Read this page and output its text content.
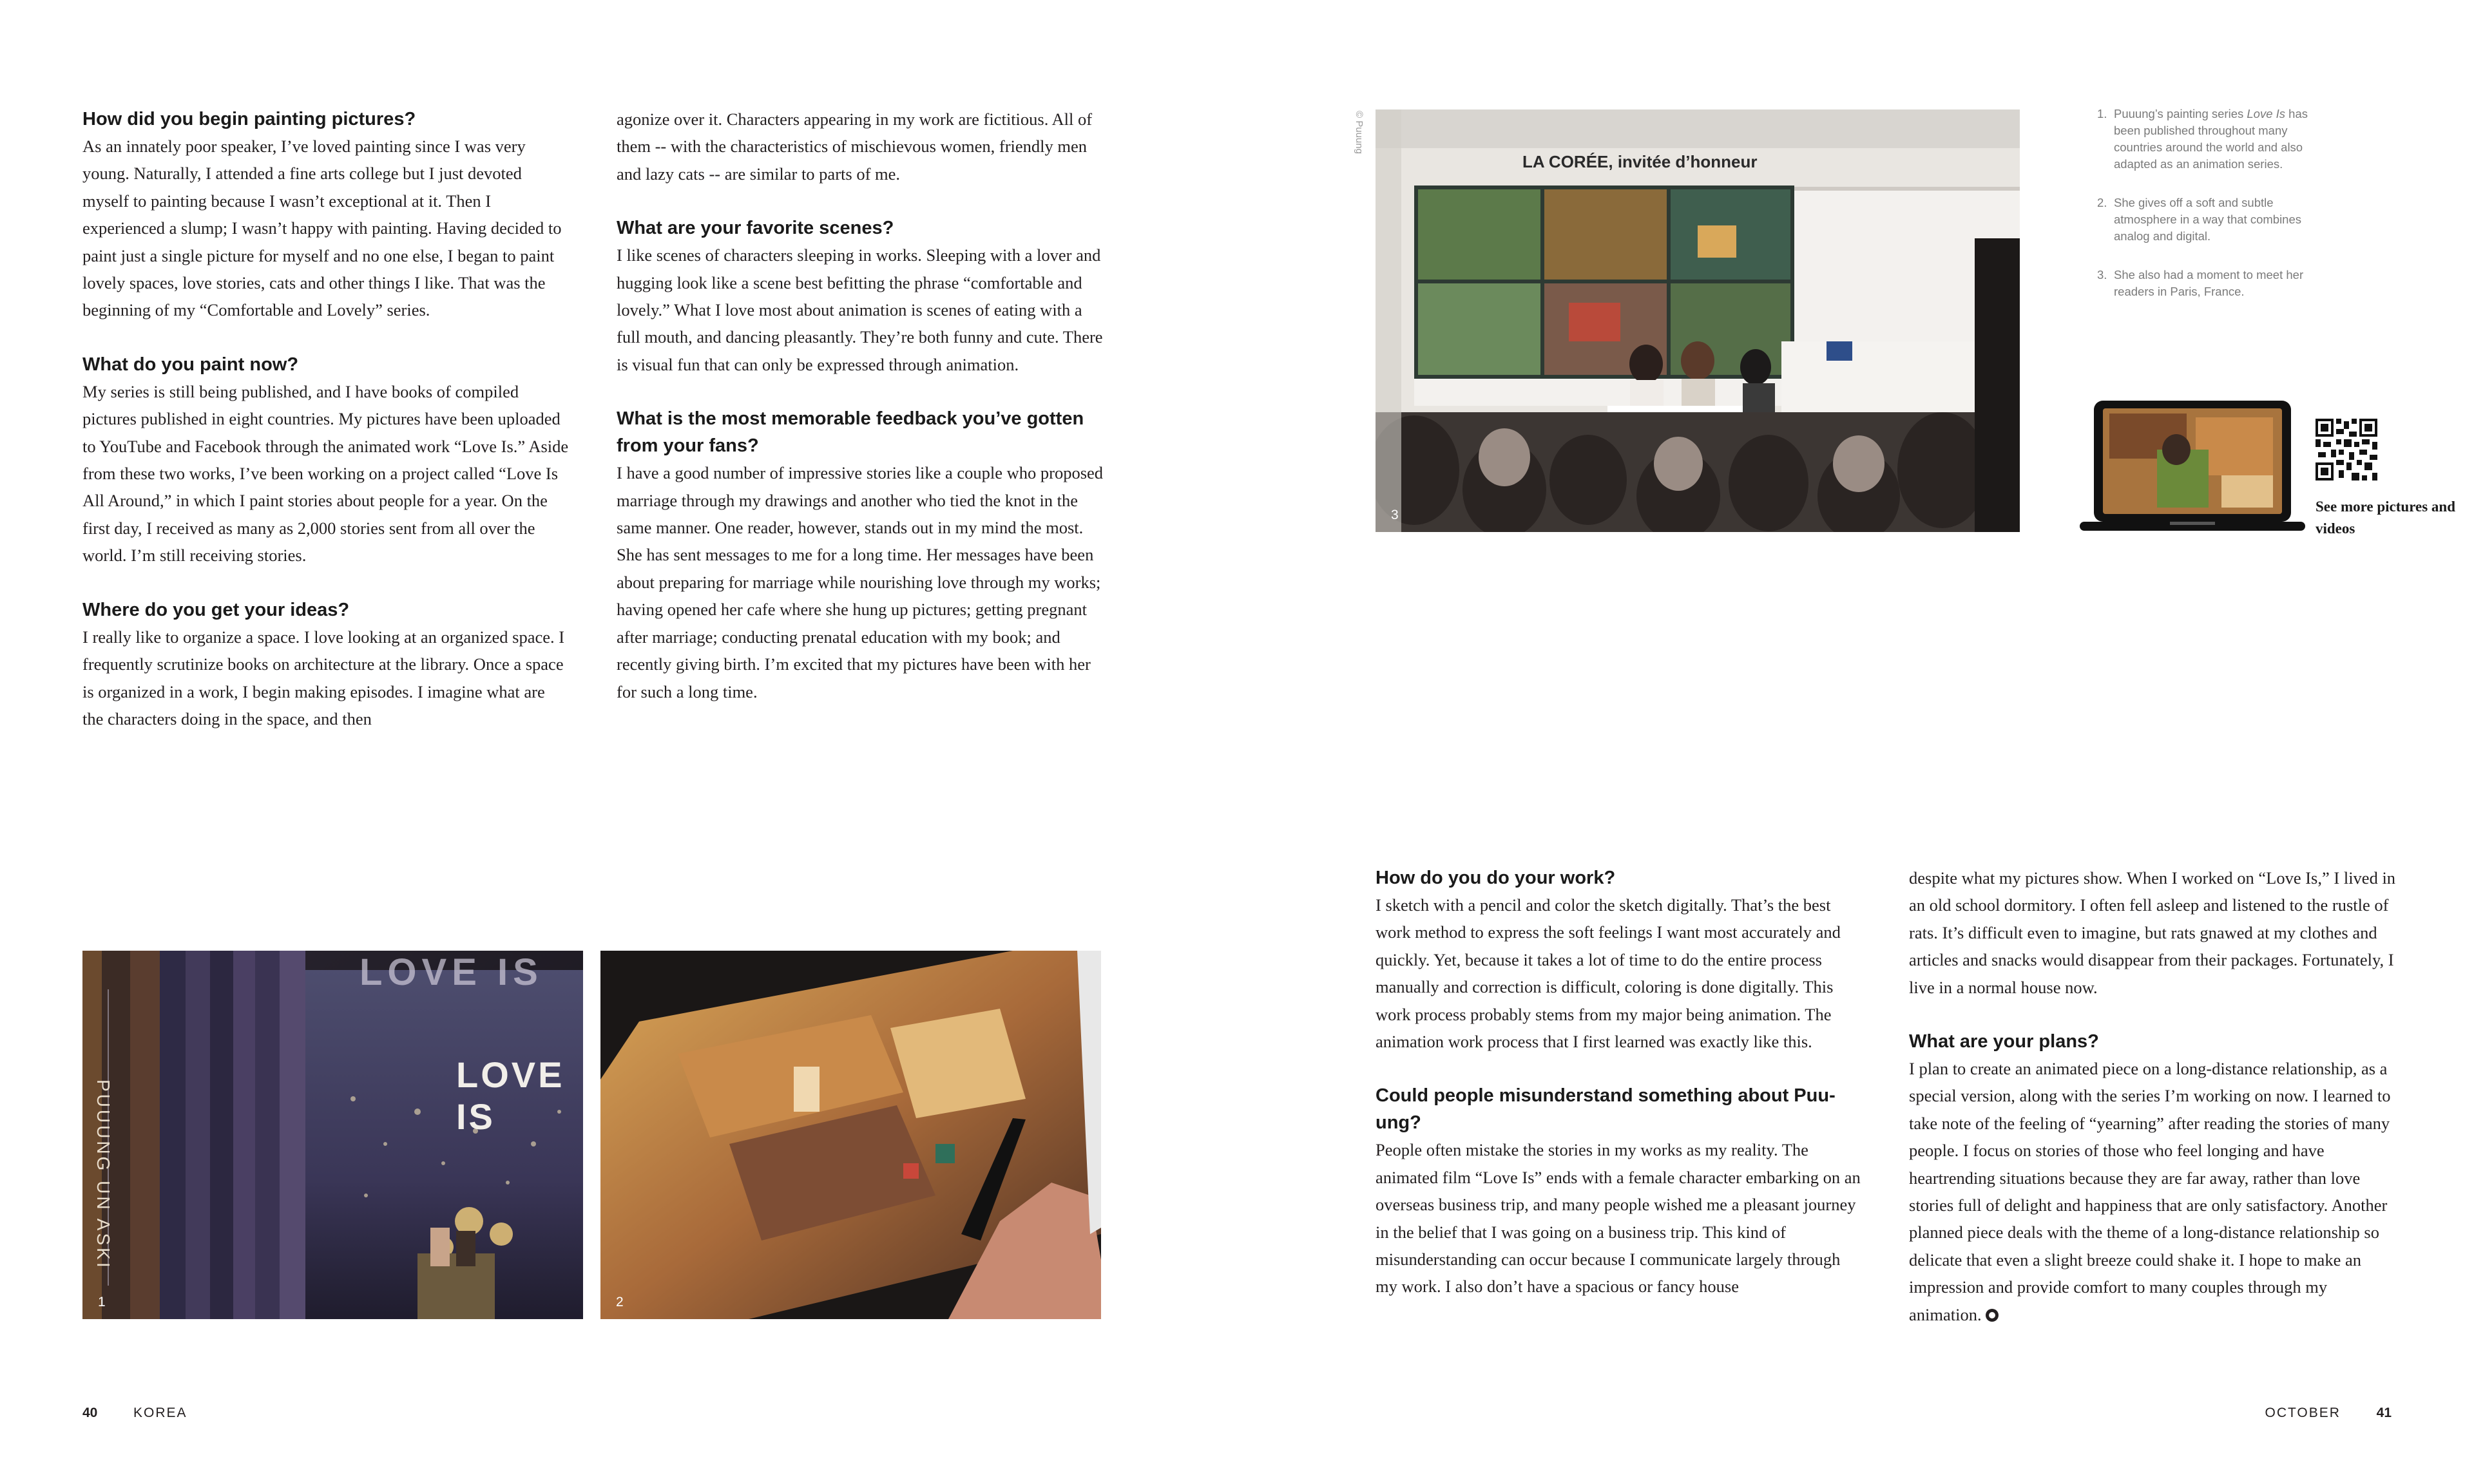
How did you begin painting pictures?

As an innately poor speaker, I’ve loved painting since I was very young. Naturally, I attended a fine arts college but I just devoted myself to painting because I wasn’t exceptional at it. Then I experienced a slump; I wasn’t happy with painting. Having decided to paint just a single picture for myself and no one else, I began to paint lovely spaces, love stories, cats and other things I like. That was the beginning of my “Comfortable and Lovely” series.

What do you paint now?

My series is still being published, and I have books of compiled pictures published in eight countries. My pictures have been uploaded to YouTube and Facebook through the animated work “Love Is.” Aside from these two works, I’ve been working on a project called “Love Is All Around,” in which I paint stories about people for a year. On the first day, I received as many as 2,000 stories sent from all over the world. I’m still receiving stories.

Where do you get your ideas?

I really like to organize a space. I love looking at an organized space. I frequently scrutinize books on architecture at the library. Once a space is organized in a work, I begin making episodes. I imagine what are the characters doing in the space, and then

agonize over it. Characters appearing in my work are fictitious. All of them -- with the characteristics of mischievous women, friendly men and lazy cats -- are similar to parts of me.

What are your favorite scenes?

I like scenes of characters sleeping in works. Sleeping with a lover and hugging look like a scene best befitting the phrase “comfortable and lovely.” What I love most about animation is scenes of eating with a full mouth, and dancing pleasantly. They’re both funny and cute. There is visual fun that can only be expressed through animation.

What is the most memorable feedback you’ve gotten from your fans?

I have a good number of impressive stories like a couple who proposed marriage through my drawings and another who tied the knot in the same manner. One reader, however, stands out in my mind the most. She has sent messages to me for a long time. Her messages have been about preparing for marriage while nourishing love through my works; having opened her cafe where she hung up pictures; getting pregnant after marriage; conducting prenatal education with my book; and recently giving birth. I’m excited that my pictures have been with her for such a long time.

LOVE IS
LOVE IS
PUUUNG UN ASKI
1	2
© Puuung
LA CORÉE, invitée d’honneur
3
1. Puuung’s painting series Love Is has been published throughout many countries around the world and also adapted as an animation series.
2. She gives off a soft and subtle atmosphere in a way that combines analog and digital.
3. She also had a moment to meet her readers in Paris, France.
See more pictures and videos
How do you do your work?

I sketch with a pencil and color the sketch digitally. That’s the best work method to express the soft feelings I want most accurately and quickly. Yet, because it takes a lot of time to do the entire process manually and correction is difficult, coloring is done digitally. This work process probably stems from my major being animation. The animation work process that I first learned was exactly like this.

Could people misunderstand something about Puuung?

People often mistake the stories in my works as my reality. The animated film “Love Is” ends with a female character embarking on an overseas business trip, and many people wished me a pleasant journey in the belief that I was going on a business trip. This kind of misunderstanding can occur because I communicate largely through my work. I also don’t have a spacious or fancy house

despite what my pictures show. When I worked on “Love Is,” I lived in an old school dormitory. I often fell asleep and listened to the rustle of rats. It’s difficult even to imagine, but rats gnawed at my clothes and articles and snacks would disappear from their packages. Fortunately, I live in a normal house now.

What are your plans?

I plan to create an animated piece on a long-distance relationship, as a special version, along with the series I’m working on now. I learned to take note of the feeling of “yearning” after reading the stories of many people. I focus on stories of those who feel longing and have heartrending situations because they are far away, rather than love stories full of delight and happiness that are only satisfactory. Another planned piece deals with the theme of a long-distance relationship so delicate that even a slight breeze could shake it. I hope to make an impression and provide comfort to many couples through my animation.

40	KOREA	OCTOBER	41
